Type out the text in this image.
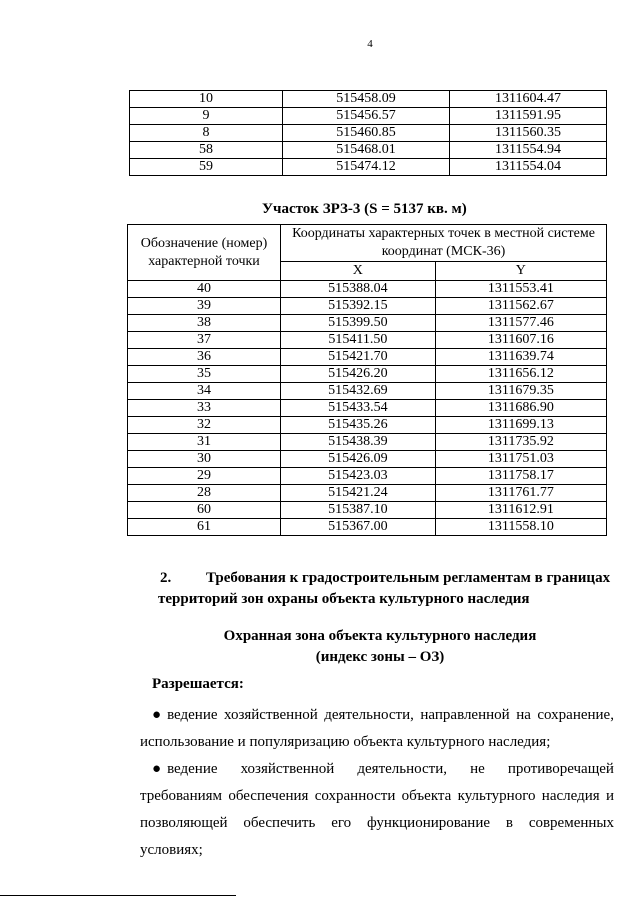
4
10	515458.09	1311604.47
9	515456.57	1311591.95
8	515460.85	1311560.35
58	515468.01	1311554.94
59	515474.12	1311554.04
Участок ЗРЗ-3 (S = 5137 кв. м)
Обозначение (номер) характерной точки	Координаты характерных точек в местной системе координат (МСК-36)	
	X	Y
40	515388.04	1311553.41
39	515392.15	1311562.67
38	515399.50	1311577.46
37	515411.50	1311607.16
36	515421.70	1311639.74
35	515426.20	1311656.12
34	515432.69	1311679.35
33	515433.54	1311686.90
32	515435.26	1311699.13
31	515438.39	1311735.92
30	515426.09	1311751.03
29	515423.03	1311758.17
28	515421.24	1311761.77
60	515387.10	1311612.91
61	515367.00	1311558.10
2. Требования к градостроительным регламентам в границах
территорий зон охраны объекта культурного наследия
Охранная зона объекта культурного наследия
(индекс зоны – ОЗ)
Разрешается:
● ведение хозяйственной деятельности, направленной на сохранение,
использование и популяризацию объекта культурного наследия;
● ведение хозяйственной деятельности, не противоречащей
требованиям обеспечения сохранности объекта культурного наследия и позволяющей обеспечить его функционирование в современных условиях;
